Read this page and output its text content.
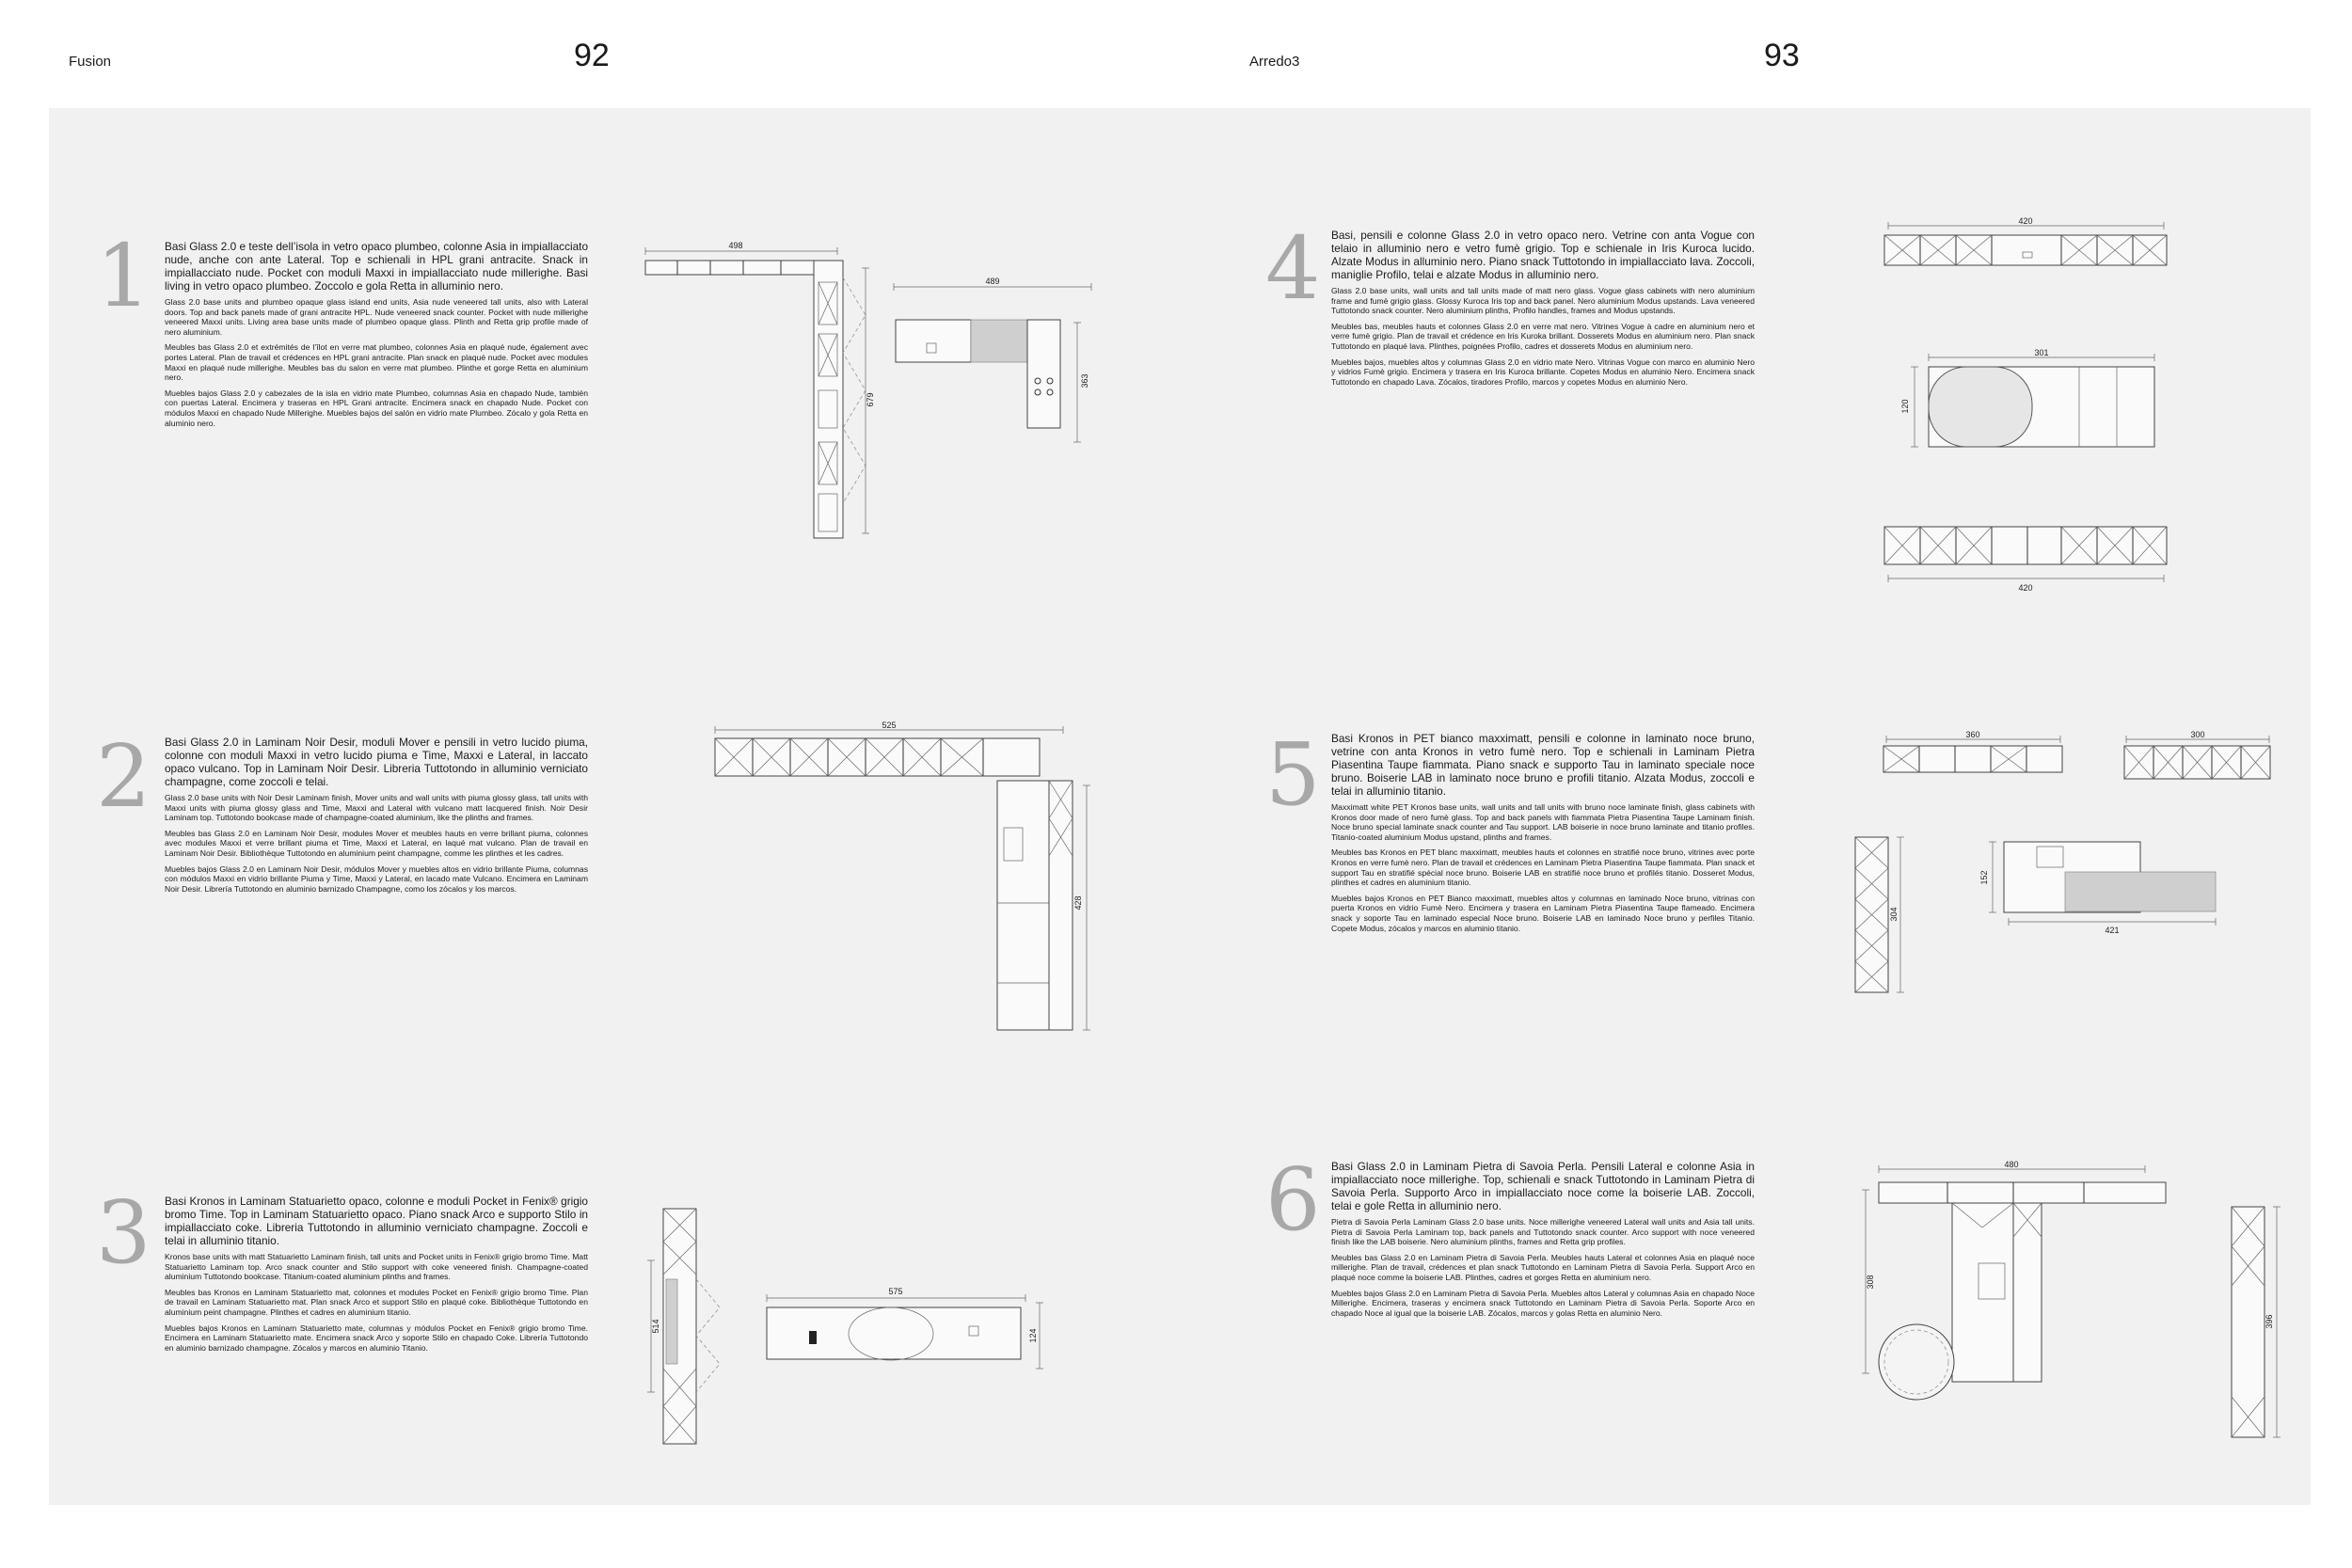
Fusion	92	Arredo3	93
1 Basi Glass 2.0 e teste dell’isola in vetro opaco plumbeo, colonne Asia in impiallacciato nude, anche con ante Lateral. Top e schienali in HPL grani antracite. Snack in impiallacciato nude. Pocket con moduli Maxxi in impiallacciato nude millerighe. Basi living in vetro opaco plumbeo. Zoccolo e gola Retta in alluminio nero.

Glass 2.0 base units and plumbeo opaque glass island end units, Asia nude veneered tall units, also with Lateral doors. Top and back panels made of grani antracite HPL. Nude veneered snack counter. Pocket with nude millerighe veneered Maxxi units. Living area base units made of plumbeo opaque glass. Plinth and Retta grip profile made of nero aluminium.

Meubles bas Glass 2.0 et extrémités de l’îlot en verre mat plumbeo, colonnes Asia en plaqué nude, également avec portes Lateral. Plan de travail et crédences en HPL grani antracite. Plan snack en plaqué nude. Pocket avec modules Maxxi en plaqué nude millerighe. Meubles bas du salon en verre mat plumbeo. Plinthe et gorge Retta en aluminium nero.

Muebles bajos Glass 2.0 y cabezales de la isla en vidrio mate Plumbeo, columnas Asia en chapado Nude, también con puertas Lateral. Encimera y traseras en HPL Grani antracite. Encimera snack en chapado Nude. Pocket con módulos Maxxi en chapado Nude Millerighe. Muebles bajos del salón en vidrio mate Plumbeo. Zócalo y gola Retta en aluminio nero.

498
679
489
363
2 Basi Glass 2.0 in Laminam Noir Desir, moduli Mover e pensili in vetro lucido piuma, colonne con moduli Maxxi in vetro lucido piuma e Time, Maxxi e Lateral, in laccato opaco vulcano. Top in Laminam Noir Desir. Libreria Tuttotondo in alluminio verniciato champagne, come zoccoli e telai.

Glass 2.0 base units with Noir Desir Laminam finish, Mover units and wall units with piuma glossy glass, tall units with Maxxi units with piuma glossy glass and Time, Maxxi and Lateral with vulcano matt lacquered finish. Noir Desir Laminam top. Tuttotondo bookcase made of champagne-coated aluminium, like the plinths and frames.

Meubles bas Glass 2.0 en Laminam Noir Desir, modules Mover et meubles hauts en verre brillant piuma, colonnes avec modules Maxxi et verre brillant piuma et Time, Maxxi et Lateral, en laqué mat vulcano. Plan de travail en Laminam Noir Desir. Bibliothèque Tuttotondo en aluminium peint champagne, comme les plinthes et les cadres.

Muebles bajos Glass 2.0 en Laminam Noir Desir, módulos Mover y muebles altos en vidrio brillante Piuma, columnas con módulos Maxxi en vidrio brillante Piuma y Time, Maxxi y Lateral, en lacado mate Vulcano. Encimera en Laminam Noir Desir. Librería Tuttotondo en aluminio barnizado Champagne, como los zócalos y los marcos.

525
428
3 Basi Kronos in Laminam Statuarietto opaco, colonne e moduli Pocket in Fenix® grigio bromo Time. Top in Laminam Statuarietto opaco. Piano snack Arco e supporto Stilo in impiallacciato coke. Libreria Tuttotondo in alluminio verniciato champagne. Zoccoli e telai in alluminio titanio.

Kronos base units with matt Statuarietto Laminam finish, tall units and Pocket units in Fenix® grigio bromo Time. Matt Statuarietto Laminam top. Arco snack counter and Stilo support with coke veneered finish. Champagne-coated aluminium Tuttotondo bookcase. Titanium-coated aluminium plinths and frames.

Meubles bas Kronos en Laminam Statuarietto mat, colonnes et modules Pocket en Fenix® grigio bromo Time. Plan de travail en Laminam Statuarietto mat. Plan snack Arco et support Stilo en plaqué coke. Bibliothèque Tuttotondo en aluminium peint champagne. Plinthes et cadres en aluminium titanio.

Muebles bajos Kronos en Laminam Statuarietto mate, columnas y módulos Pocket en Fenix® grigio bromo Time. Encimera en Laminam Statuarietto mate. Encimera snack Arco y soporte Stilo en chapado Coke. Librería Tuttotondo en aluminio barnizado champagne. Zócalos y marcos en aluminio Titanio.

514
575
124
4 Basi, pensili e colonne Glass 2.0 in vetro opaco nero. Vetrine con anta Vogue con telaio in alluminio nero e vetro fumè grigio. Top e schienale in Iris Kuroca lucido. Alzate Modus in alluminio nero. Piano snack Tuttotondo in impiallacciato lava. Zoccoli, maniglie Profilo, telai e alzate Modus in alluminio nero.

Glass 2.0 base units, wall units and tall units made of matt nero glass. Vogue glass cabinets with nero aluminium frame and fumè grigio glass. Glossy Kuroca Iris top and back panel. Nero aluminium Modus upstands. Lava veneered Tuttotondo snack counter. Nero aluminium plinths, Profilo handles, frames and Modus upstands.

Meubles bas, meubles hauts et colonnes Glass 2.0 en verre mat nero. Vitrines Vogue à cadre en aluminium nero et verre fumè grigio. Plan de travail et crédence en Iris Kuroka brillant. Dosserets Modus en aluminium nero. Plan snack Tuttotondo en plaqué lava. Plinthes, poignées Profilo, cadres et dosserets Modus en aluminium nero.

Muebles bajos, muebles altos y columnas Glass 2.0 en vidrio mate Nero. Vitrinas Vogue con marco en aluminio Nero y vidrios Fumè grigio. Encimera y trasera en Iris Kuroca brillante. Copetes Modus en aluminio Nero. Encimera snack Tuttotondo en chapado Lava. Zócalos, tiradores Profilo, marcos y copetes Modus en aluminio Nero.

420
301
120
420
5 Basi Kronos in PET bianco maxximatt, pensili e colonne in laminato noce bruno, vetrine con anta Kronos in vetro fumè nero. Top e schienali in Laminam Pietra Piasentina Taupe fiammata. Piano snack e supporto Tau in laminato speciale noce bruno. Boiserie LAB in laminato noce bruno e profili titanio. Alzata Modus, zoccoli e telai in alluminio titanio.

Maxximatt white PET Kronos base units, wall units and tall units with bruno noce laminate finish, glass cabinets with Kronos door made of nero fumè glass. Top and back panels with fiammata Pietra Piasentina Taupe Laminam finish. Noce bruno special laminate snack counter and Tau support. LAB boiserie in noce bruno laminate and titanio profiles. Titanio-coated aluminium Modus upstand, plinths and frames.

Meubles bas Kronos en PET blanc maxximatt, meubles hauts et colonnes en stratifié noce bruno, vitrines avec porte Kronos en verre fumè nero. Plan de travail et crédences en Laminam Pietra Piasentina Taupe fiammata. Plan snack et support Tau en stratifié spécial noce bruno. Boiserie LAB en stratifié noce bruno et profilés titanio. Dosseret Modus, plinthes et cadres en aluminium titanio.

Muebles bajos Kronos en PET Bianco maxximatt, muebles altos y columnas en laminado Noce bruno, vitrinas con puerta Kronos en vidrio Fumè Nero. Encimera y trasera en Laminam Pietra Piasentina Taupe flameado. Encimera snack y soporte Tau en laminado especial Noce bruno. Boiserie LAB en laminado Noce bruno y perfiles Titanio. Copete Modus, zócalos y marcos en aluminio titanio.

360	300
304
152
421
6 Basi Glass 2.0 in Laminam Pietra di Savoia Perla. Pensili Lateral e colonne Asia in impiallacciato noce millerighe. Top, schienali e snack Tuttotondo in Laminam Pietra di Savoia Perla. Supporto Arco in impiallacciato noce come la boiserie LAB. Zoccoli, telai e gole Retta in alluminio nero.

Pietra di Savoia Perla Laminam Glass 2.0 base units. Noce millerighe veneered Lateral wall units and Asia tall units. Pietra di Savoia Perla Laminam top, back panels and Tuttotondo snack counter. Arco support with noce veneered finish like the LAB boiserie. Nero aluminium plinths, frames and Retta grip profiles.

Meubles bas Glass 2.0 en Laminam Pietra di Savoia Perla. Meubles hauts Lateral et colonnes Asia en plaqué noce millerighe. Plan de travail, crédences et plan snack Tuttotondo en Laminam Pietra di Savoia Perla. Support Arco en plaqué noce comme la boiserie LAB. Plinthes, cadres et gorges Retta en aluminium nero.

Muebles bajos Glass 2.0 en Laminam Pietra di Savoia Perla. Muebles altos Lateral y columnas Asia en chapado Noce Millerighe. Encimera, traseras y encimera snack Tuttotondo en Laminam Pietra di Savoia Perla. Soporte Arco en chapado Noce al igual que la boiserie LAB. Zócalos, marcos y golas Retta en aluminio Nero.

480
308
396
